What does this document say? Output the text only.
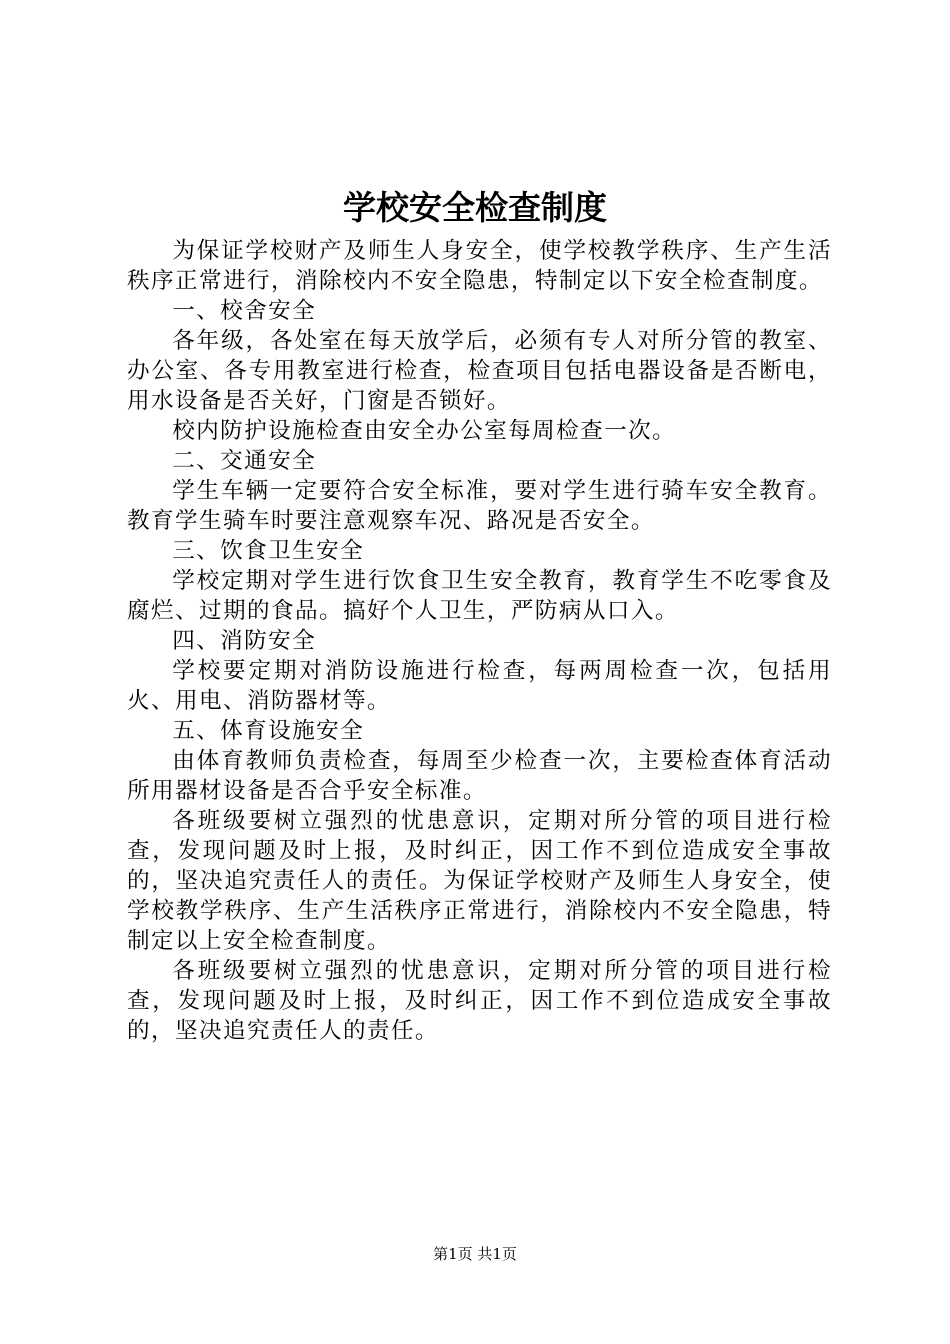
学校安全检查制度

为保证学校财产及师生人身安全，使学校教学秩序、生产生活秩序正常进行，消除校内不安全隐患，特制定以下安全检查制度。

一、校舍安全

各年级，各处室在每天放学后，必须有专人对所分管的教室、办公室、各专用教室进行检查，检查项目包括电器设备是否断电，用水设备是否关好，门窗是否锁好。

校内防护设施检查由安全办公室每周检查一次。

二、交通安全

学生车辆一定要符合安全标准，要对学生进行骑车安全教育。教育学生骑车时要注意观察车况、路况是否安全。

三、饮食卫生安全

学校定期对学生进行饮食卫生安全教育，教育学生不吃零食及腐烂、过期的食品。搞好个人卫生，严防病从口入。

四、消防安全

学校要定期对消防设施进行检查，每两周检查一次，包括用火、用电、消防器材等。

五、体育设施安全

由体育教师负责检查，每周至少检查一次，主要检查体育活动所用器材设备是否合乎安全标准。

各班级要树立强烈的忧患意识，定期对所分管的项目进行检查，发现问题及时上报，及时纠正，因工作不到位造成安全事故的，坚决追究责任人的责任。为保证学校财产及师生人身安全，使学校教学秩序、生产生活秩序正常进行，消除校内不安全隐患，特制定以上安全检查制度。

各班级要树立强烈的忧患意识，定期对所分管的项目进行检查，发现问题及时上报，及时纠正，因工作不到位造成安全事故的，坚决追究责任人的责任。

第1页 共1页
